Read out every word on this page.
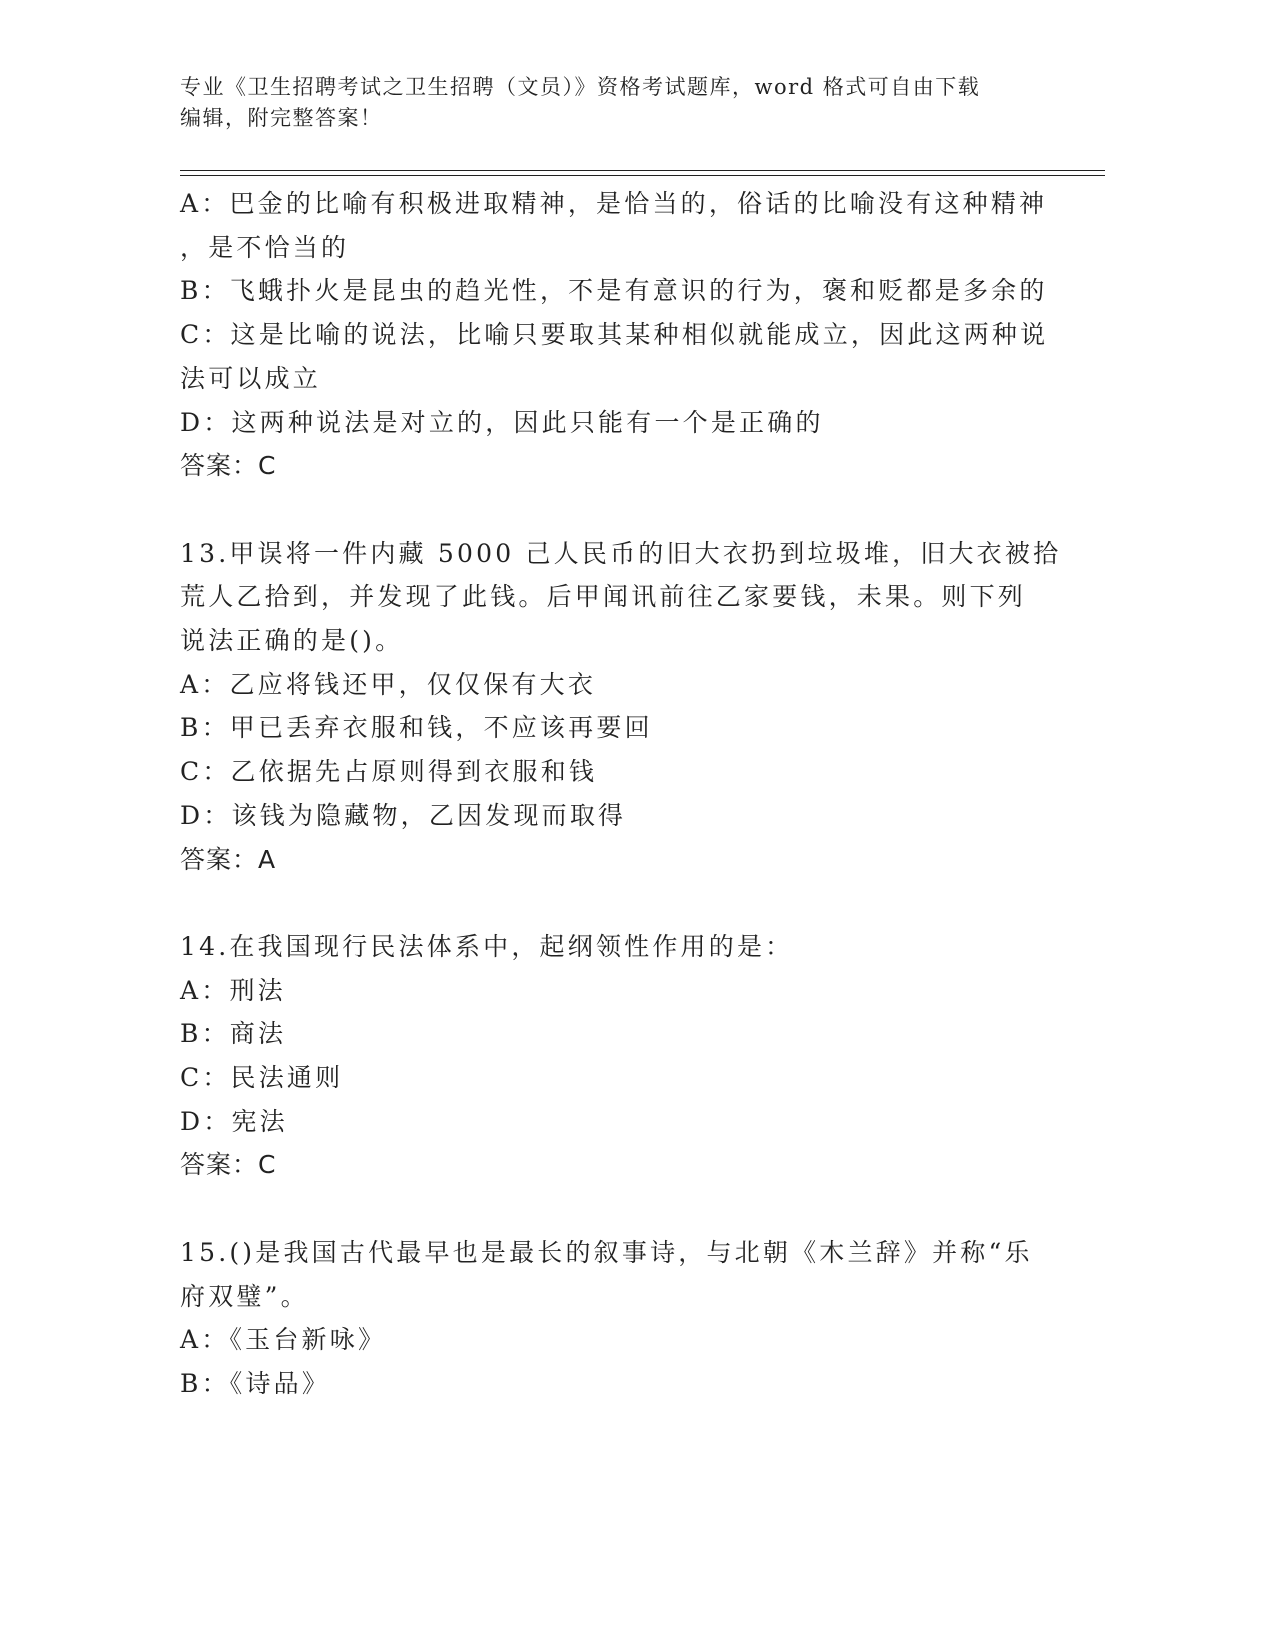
专业《卫生招聘考试之卫生招聘（文员）》资格考试题库，word 格式可自由下载
编辑，附完整答案！
A：巴金的比喻有积极进取精神，是恰当的，俗话的比喻没有这种精神
，是不恰当的
B：飞蛾扑火是昆虫的趋光性，不是有意识的行为，褒和贬都是多余的
C：这是比喻的说法，比喻只要取其某种相似就能成立，因此这两种说
法可以成立
D：这两种说法是对立的，因此只能有一个是正确的
答案：C
13.甲误将一件内藏 5000 己人民币的旧大衣扔到垃圾堆，旧大衣被拾
荒人乙拾到，并发现了此钱。后甲闻讯前往乙家要钱，未果。则下列
说法正确的是()。
A：乙应将钱还甲，仅仅保有大衣
B：甲已丢弃衣服和钱，不应该再要回
C：乙依据先占原则得到衣服和钱
D：该钱为隐藏物，乙因发现而取得
答案：A
14.在我国现行民法体系中，起纲领性作用的是：
A：刑法
B：商法
C：民法通则
D：宪法
答案：C
15.()是我国古代最早也是最长的叙事诗，与北朝《木兰辞》并称“乐
府双璧”。
A：《玉台新咏》
B：《诗品》
